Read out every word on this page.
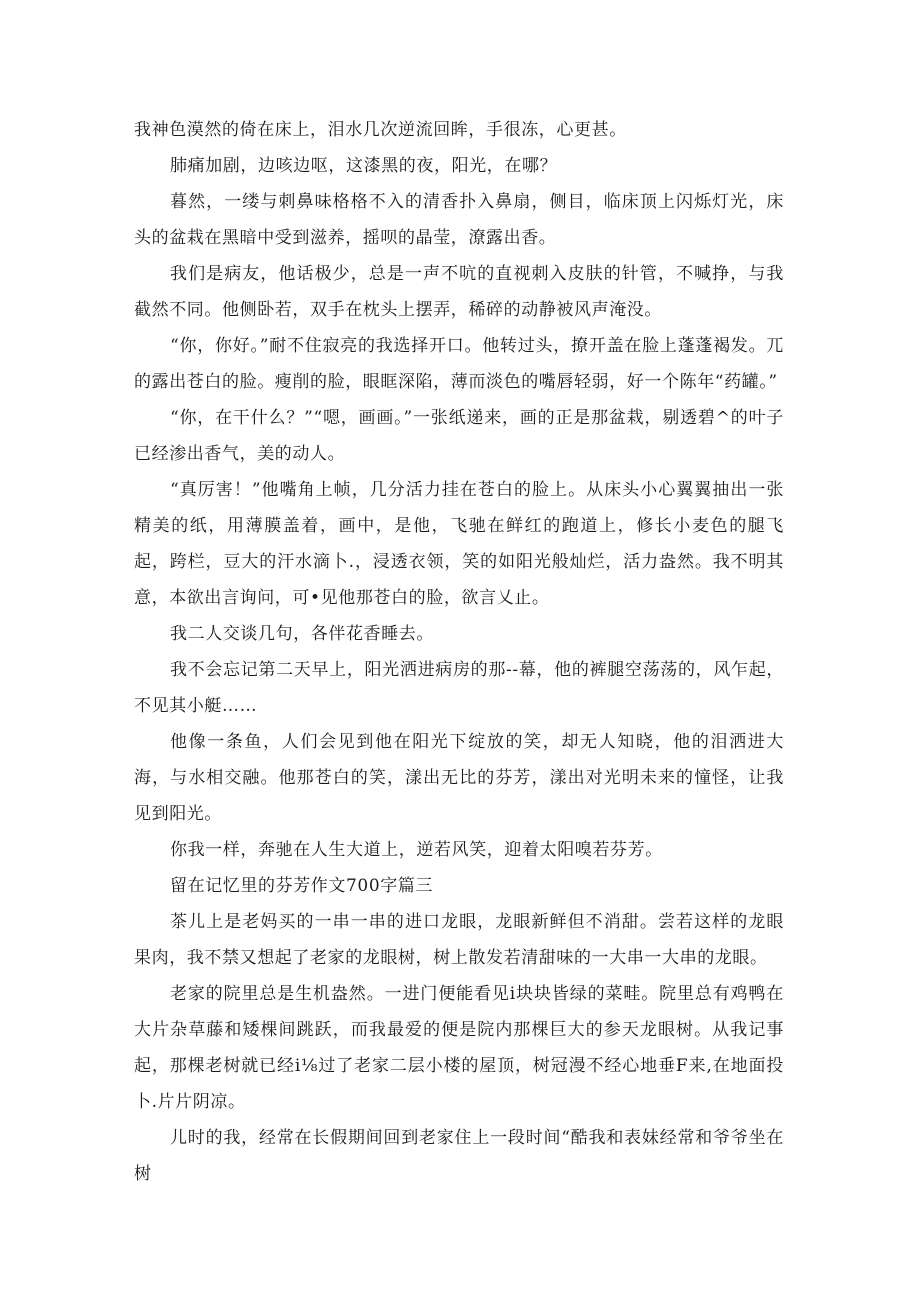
我神色漠然的倚在床上，泪水几次逆流回眸，手很冻，心更甚。

肺痛加剧，边咳边呕，这漆黑的夜，阳光，在哪？

暮然，一缕与刺鼻味格格不入的清香扑入鼻扇，侧目，临床顶上闪烁灯光，床头的盆栽在黑暗中受到滋养，摇呗的晶莹，潦露出香。

我们是病友，他话极少，总是一声不吭的直视刺入皮肤的针管，不喊挣，与我截然不同。他侧卧若，双手在枕头上摆弄，稀碎的动静被风声淹没。

“你，你好。”耐不住寂亮的我选择开口。他转过头，撩开盖在脸上蓬蓬褐发。兀的露出苍白的脸。瘦削的脸，眼眶深陷，薄而淡色的嘴唇轻弱，好一个陈年“药罐。”

“你，在干什么？”“嗯，画画。”一张纸递来，画的正是那盆栽，剔透碧^的叶子已经渗出香气，美的动人。

“真厉害！”他嘴角上帧，几分活力挂在苍白的脸上。从床头小心翼翼抽出一张精美的纸，用薄膜盖着，画中，是他，飞驰在鲜红的跑道上，修长小麦色的腿飞起，跨栏，豆大的汗水滴卜.，浸透衣领，笑的如阳光般灿烂，活力盎然。我不明其意，本欲出言询问，可•见他那苍白的脸，欲言乂止。

我二人交谈几句，各伴花香睡去。

我不会忘记第二天早上，阳光洒进病房的那--幕，他的裤腿空荡荡的，风乍起，不见其小艇……

他像一条鱼，人们会见到他在阳光下绽放的笑，却无人知晓，他的泪洒进大海，与水相交融。他那苍白的笑，漾出无比的芬芳，漾出对光明未来的憧怪，让我见到阳光。

你我一样，奔驰在人生大道上，逆若风笑，迎着太阳嗅若芬芳。

留在记忆里的芬芳作文700字篇三

茶儿上是老妈买的一串一串的进口龙眼，龙眼新鲜但不消甜。尝若这样的龙眼果肉，我不禁又想起了老家的龙眼树，树上散发若清甜味的一大串一大串的龙眼。

老家的院里总是生机盎然。一进门便能看见i块块皆绿的菜畦。院里总有鸡鸭在大片杂草藤和矮棵间跳跃，而我最爱的便是院内那棵巨大的参天龙眼树。从我记事起，那棵老树就已经i⅛过了老家二层小楼的屋顶，树冠漫不经心地垂F来,在地面投卜.片片阴凉。

儿时的我，经常在长假期间回到老家住上一段时间“酷我和表妹经常和爷爷坐在树
